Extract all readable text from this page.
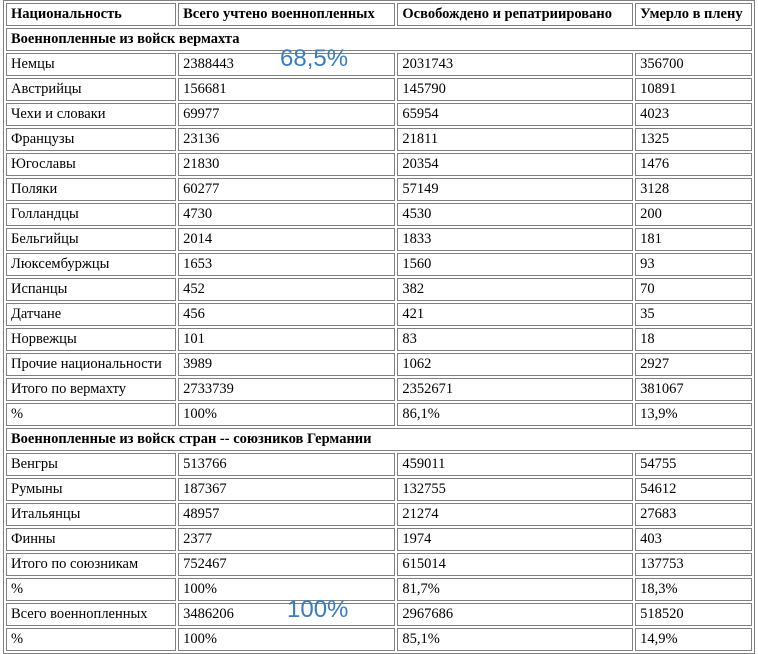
Национальность	Всего учтено военнопленных	Освобождено и репатриировано	Умерло в плену
Военнопленные из войск вермахта			
Немцы	2388443	2031743	356700
Австрийцы	156681	145790	10891
Чехи и словаки	69977	65954	4023
Французы	23136	21811	1325
Югославы	21830	20354	1476
Поляки	60277	57149	3128
Голландцы	4730	4530	200
Бельгийцы	2014	1833	181
Люксембуржцы	1653	1560	93
Испанцы	452	382	70
Датчане	456	421	35
Норвежцы	101	83	18
Прочие национальности	3989	1062	2927
Итого по вермахту	2733739	2352671	381067
%	100%	86,1%	13,9%
Военнопленные из войск стран -- союзников Германии			
Венгры	513766	459011	54755
Румыны	187367	132755	54612
Итальянцы	48957	21274	27683
Финны	2377	1974	403
Итого по союзникам	752467	615014	137753
%	100%	81,7%	18,3%
Всего военнопленных	3486206	2967686	518520
%	100%	85,1%	14,9%
68,5%
100%
